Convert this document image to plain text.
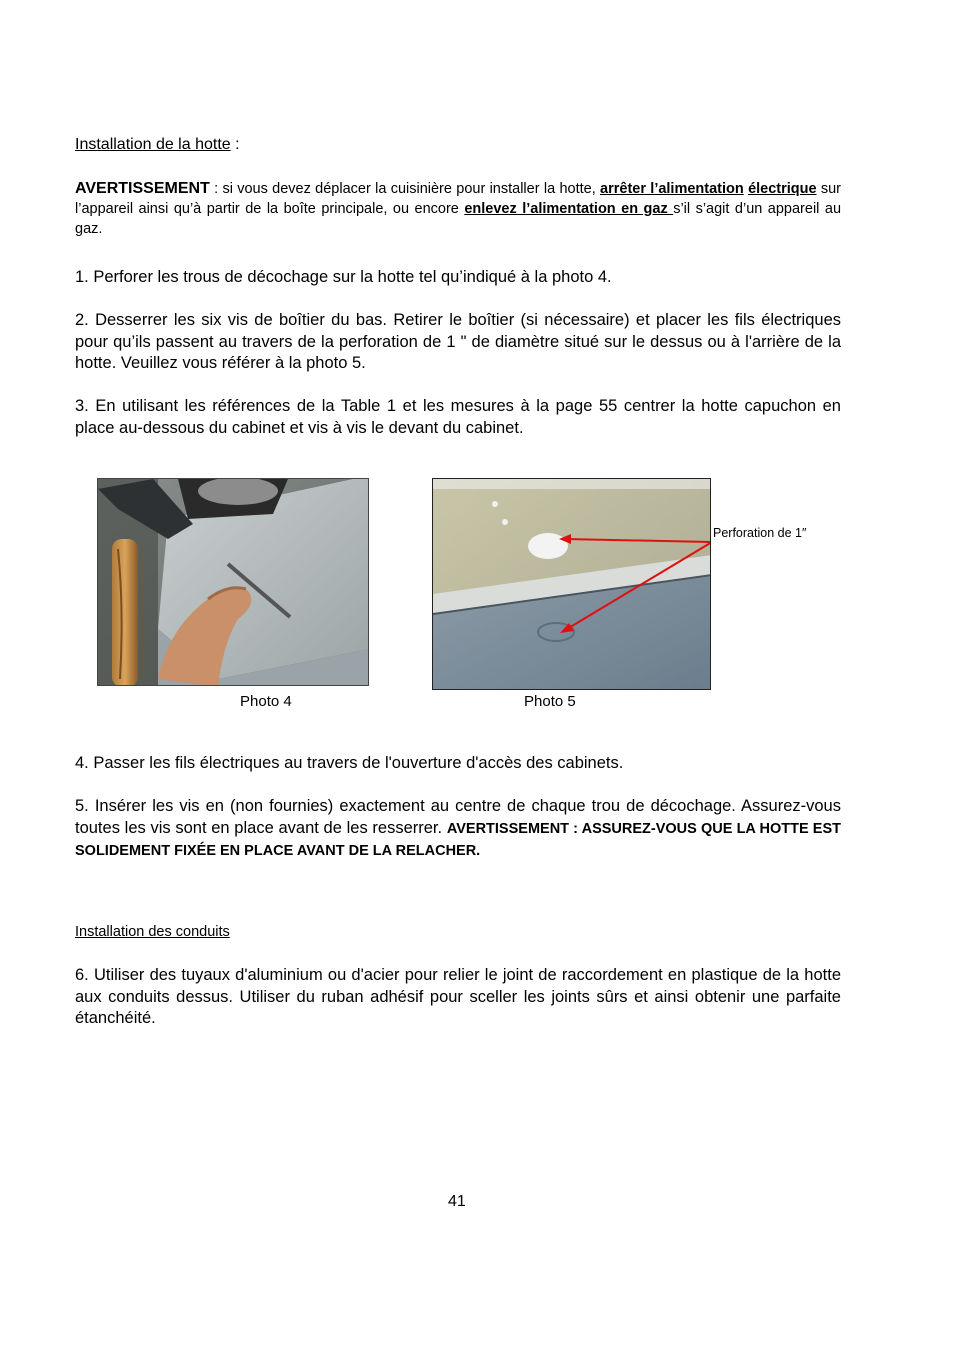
Installation de la hotte :
AVERTISSEMENT : si vous devez déplacer la cuisinière pour installer la hotte, arrêter l’alimentation électrique sur l’appareil ainsi qu’à partir de la boîte principale, ou encore enlevez l’alimentation en gaz s’il s’agit d’un appareil au gaz.
1. Perforer les trous de décochage sur la hotte tel qu’indiqué à la photo 4.
2. Desserrer les six vis de boîtier du bas. Retirer le boîtier (si nécessaire) et placer les fils électriques pour qu’ils passent au travers de la perforation de 1 " de diamètre situé sur le dessus ou à l'arrière de la hotte. Veuillez vous référer à la photo 5.
3. En utilisant les références de la Table 1 et les mesures à la page 55 centrer la hotte capuchon en place au-dessous du cabinet et vis à vis le devant du cabinet.
Perforation de 1″
Photo 4	Photo 5
4. Passer les fils électriques au travers de l'ouverture d'accès des cabinets.
5. Insérer les vis en (non fournies) exactement au centre de chaque trou de décochage. Assurez-vous toutes les vis sont en place avant de les resserrer. AVERTISSEMENT : ASSUREZ-VOUS QUE LA HOTTE EST SOLIDEMENT FIXÉE EN PLACE AVANT DE LA RELACHER.
Installation des conduits
6. Utiliser des tuyaux d'aluminium ou d'acier pour relier le joint de raccordement en plastique de la hotte aux conduits dessus. Utiliser du ruban adhésif pour sceller les joints sûrs et ainsi obtenir une parfaite étanchéité.
41
